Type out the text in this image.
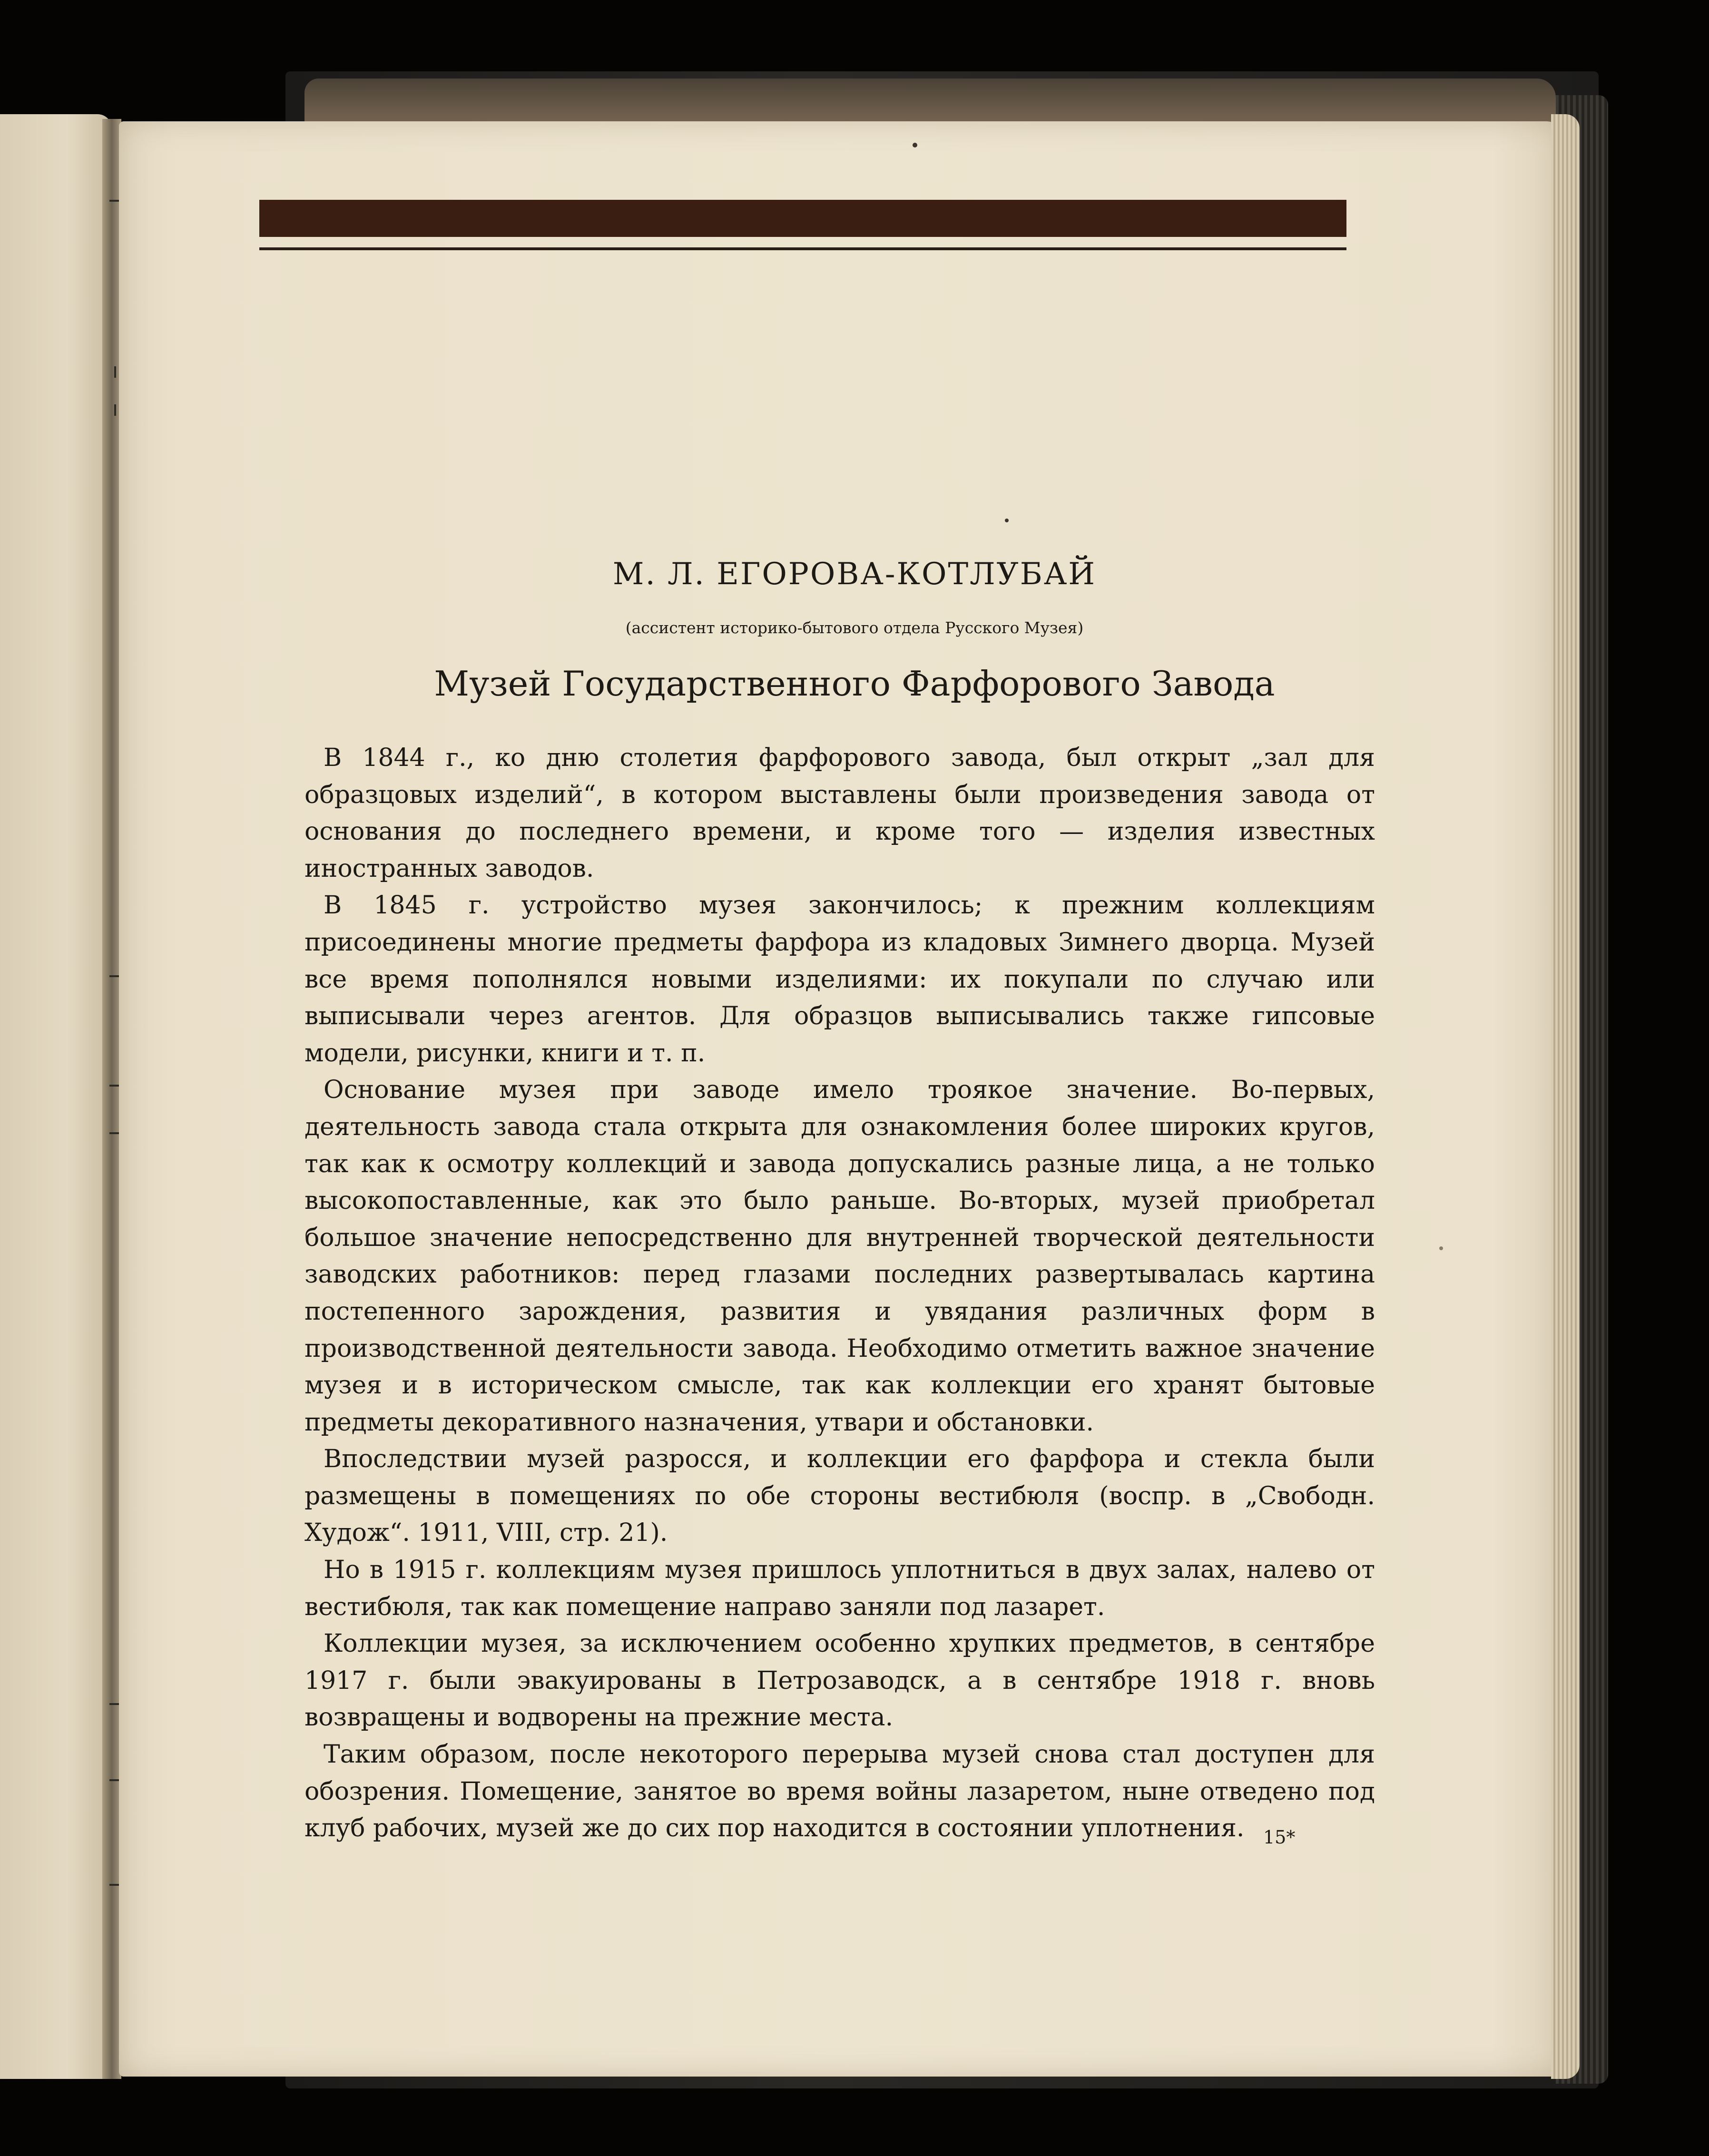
М. Л. ЕГОРОВА-КОТЛУБАЙ
(ассистент историко-бытового отдела Русского Музея)
Музей Государственного Фарфорового Завода

В 1844 г., ко дню столетия фарфорового завода, был открыт „зал для образцовых изделий“, в котором выставлены были произведения завода от основания до последнего времени, и кроме того — изделия известных иностранных заводов.

В 1845 г. устройство музея закончилось; к прежним коллекциям присоединены многие предметы фарфора из кладовых Зимнего дворца. Музей все время пополнялся новыми изделиями: их покупали по случаю или выписывали через агентов. Для образцов выписывались также гипсовые модели, рисунки, книги и т. п.

Основание музея при заводе имело троякое значение. Во-первых, деятельность завода стала открыта для ознакомления более широких кругов, так как к осмотру коллекций и завода допускались разные лица, а не только высокопоставленные, как это было раньше. Во-вторых, музей приобретал большое значение непосредственно для внутренней творческой деятельности заводских работников: перед глазами последних развертывалась картина постепенного зарождения, развития и увядания различных форм в производственной деятельности завода. Необходимо отметить важное значение музея и в историческом смысле, так как коллекции его хранят бытовые предметы декоративного назначения, утвари и обстановки.

Впоследствии музей разросся, и коллекции его фарфора и стекла были размещены в помещениях по обе стороны вестибюля (воспр. в „Свободн. Худож“. 1911, VIII, стр. 21).

Но в 1915 г. коллекциям музея пришлось уплотниться в двух залах, налево от вестибюля, так как помещение направо заняли под лазарет.

Коллекции музея, за исключением особенно хрупких предметов, в сентябре 1917 г. были эвакуированы в Петрозаводск, а в сентябре 1918 г. вновь возвращены и водворены на прежние места.

Таким образом, после некоторого перерыва музей снова стал доступен для обозрения. Помещение, занятое во время войны лазаретом, ныне отведено под клуб рабочих, музей же до сих пор находится в состоянии уплотнения.	15*
